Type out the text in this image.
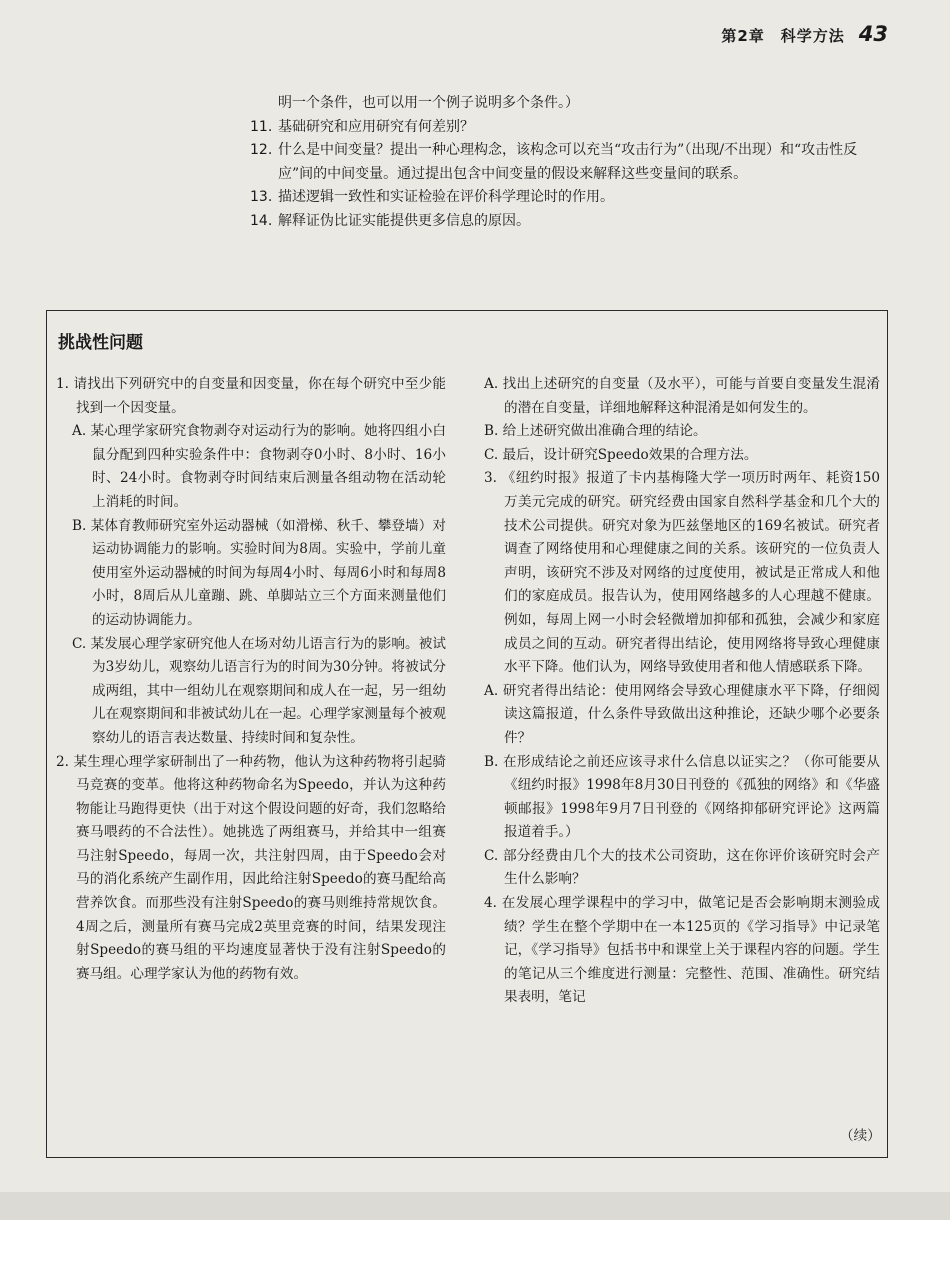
第2章　科学方法 43
明一个条件，也可以用一个例子说明多个条件。）
11. 基础研究和应用研究有何差别？
12. 什么是中间变量？提出一种心理构念，该构念可以充当“攻击行为”（出现/不出现）和“攻击性反应”间的中间变量。通过提出包含中间变量的假设来解释这些变量间的联系。
13. 描述逻辑一致性和实证检验在评价科学理论时的作用。
14. 解释证伪比证实能提供更多信息的原因。
挑战性问题

1. 请找出下列研究中的自变量和因变量，你在每个研究中至少能找到一个因变量。

A. 某心理学家研究食物剥夺对运动行为的影响。她将四组小白鼠分配到四种实验条件中：食物剥夺0小时、8小时、16小时、24小时。食物剥夺时间结束后测量各组动物在活动轮上消耗的时间。

B. 某体育教师研究室外运动器械（如滑梯、秋千、攀登墙）对运动协调能力的影响。实验时间为8周。实验中，学前儿童使用室外运动器械的时间为每周4小时、每周6小时和每周8小时，8周后从儿童蹦、跳、单脚站立三个方面来测量他们的运动协调能力。

C. 某发展心理学家研究他人在场对幼儿语言行为的影响。被试为3岁幼儿，观察幼儿语言行为的时间为30分钟。将被试分成两组，其中一组幼儿在观察期间和成人在一起，另一组幼儿在观察期间和非被试幼儿在一起。心理学家测量每个被观察幼儿的语言表达数量、持续时间和复杂性。

2. 某生理心理学家研制出了一种药物，他认为这种药物将引起骑马竞赛的变革。他将这种药物命名为Speedo，并认为这种药物能让马跑得更快（出于对这个假设问题的好奇，我们忽略给赛马喂药的不合法性）。她挑选了两组赛马，并给其中一组赛马注射Speedo，每周一次，共注射四周，由于Speedo会对马的消化系统产生副作用，因此给注射Speedo的赛马配给高营养饮食。而那些没有注射Speedo的赛马则维持常规饮食。4周之后，测量所有赛马完成2英里竞赛的时间，结果发现注射Speedo的赛马组的平均速度显著快于没有注射Speedo的赛马组。心理学家认为他的药物有效。

A. 找出上述研究的自变量（及水平），可能与首要自变量发生混淆的潜在自变量，详细地解释这种混淆是如何发生的。

B. 给上述研究做出准确合理的结论。

C. 最后，设计研究Speedo效果的合理方法。

3. 《纽约时报》报道了卡内基梅隆大学一项历时两年、耗资150万美元完成的研究。研究经费由国家自然科学基金和几个大的技术公司提供。研究对象为匹兹堡地区的169名被试。研究者调查了网络使用和心理健康之间的关系。该研究的一位负责人声明，该研究不涉及对网络的过度使用，被试是正常成人和他们的家庭成员。报告认为，使用网络越多的人心理越不健康。例如，每周上网一小时会轻微增加抑郁和孤独，会减少和家庭成员之间的互动。研究者得出结论，使用网络将导致心理健康水平下降。他们认为，网络导致使用者和他人情感联系下降。

A. 研究者得出结论：使用网络会导致心理健康水平下降，仔细阅读这篇报道，什么条件导致做出这种推论，还缺少哪个必要条件？

B. 在形成结论之前还应该寻求什么信息以证实之？（你可能要从《纽约时报》1998年8月30日刊登的《孤独的网络》和《华盛顿邮报》1998年9月7日刊登的《网络抑郁研究评论》这两篇报道着手。）

C. 部分经费由几个大的技术公司资助，这在你评价该研究时会产生什么影响？

4. 在发展心理学课程中的学习中，做笔记是否会影响期末测验成绩？学生在整个学期中在一本125页的《学习指导》中记录笔记，《学习指导》包括书中和课堂上关于课程内容的问题。学生的笔记从三个维度进行测量：完整性、范围、准确性。研究结果表明，笔记

（续）
